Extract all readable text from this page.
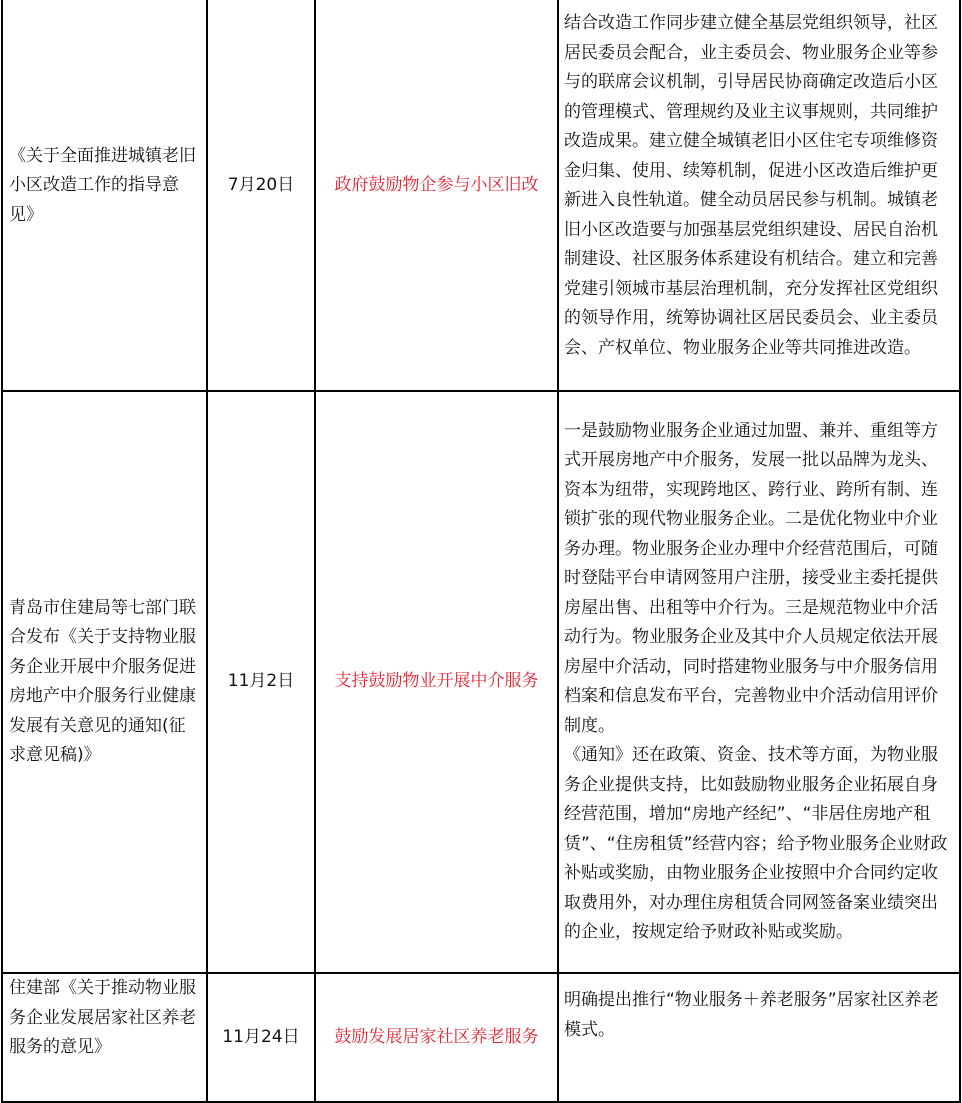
《关于全面推进城镇老旧小区改造工作的指导意见》	7月20日	政府鼓励物企参与小区旧改	结合改造工作同步建立健全基层党组织领导，社区居民委员会配合，业主委员会、物业服务企业等参与的联席会议机制，引导居民协商确定改造后小区的管理模式、管理规约及业主议事规则，共同维护改造成果。建立健全城镇老旧小区住宅专项维修资金归集、使用、续筹机制，促进小区改造后维护更新进入良性轨道。健全动员居民参与机制。城镇老旧小区改造要与加强基层党组织建设、居民自治机制建设、社区服务体系建设有机结合。建立和完善党建引领城市基层治理机制，充分发挥社区党组织的领导作用，统筹协调社区居民委员会、业主委员会、产权单位、物业服务企业等共同推进改造。

青岛市住建局等七部门联合发布《关于支持物业服务企业开展中介服务促进房地产中介服务行业健康发展有关意见的通知(征求意见稿)》	11月2日	支持鼓励物业开展中介服务	一是鼓励物业服务企业通过加盟、兼并、重组等方式开展房地产中介服务，发展一批以品牌为龙头、资本为纽带，实现跨地区、跨行业、跨所有制、连锁扩张的现代物业服务企业。二是优化物业中介业务办理。物业服务企业办理中介经营范围后，可随时登陆平台申请网签用户注册，接受业主委托提供房屋出售、出租等中介行为。三是规范物业中介活动行为。物业服务企业及其中介人员规定依法开展房屋中介活动，同时搭建物业服务与中介服务信用档案和信息发布平台，完善物业中介活动信用评价制度。

《通知》还在政策、资金、技术等方面，为物业服务企业提供支持，比如鼓励物业服务企业拓展自身经营范围，增加“房地产经纪”、“非居住房地产租赁”、“住房租赁”经营内容；给予物业服务企业财政补贴或奖励，由物业服务企业按照中介合同约定收取费用外，对办理住房租赁合同网签备案业绩突出的企业，按规定给予财政补贴或奖励。

住建部《关于推动物业服务企业发展居家社区养老服务的意见》	11月24日	鼓励发展居家社区养老服务	明确提出推行“物业服务＋养老服务”居家社区养老模式。
